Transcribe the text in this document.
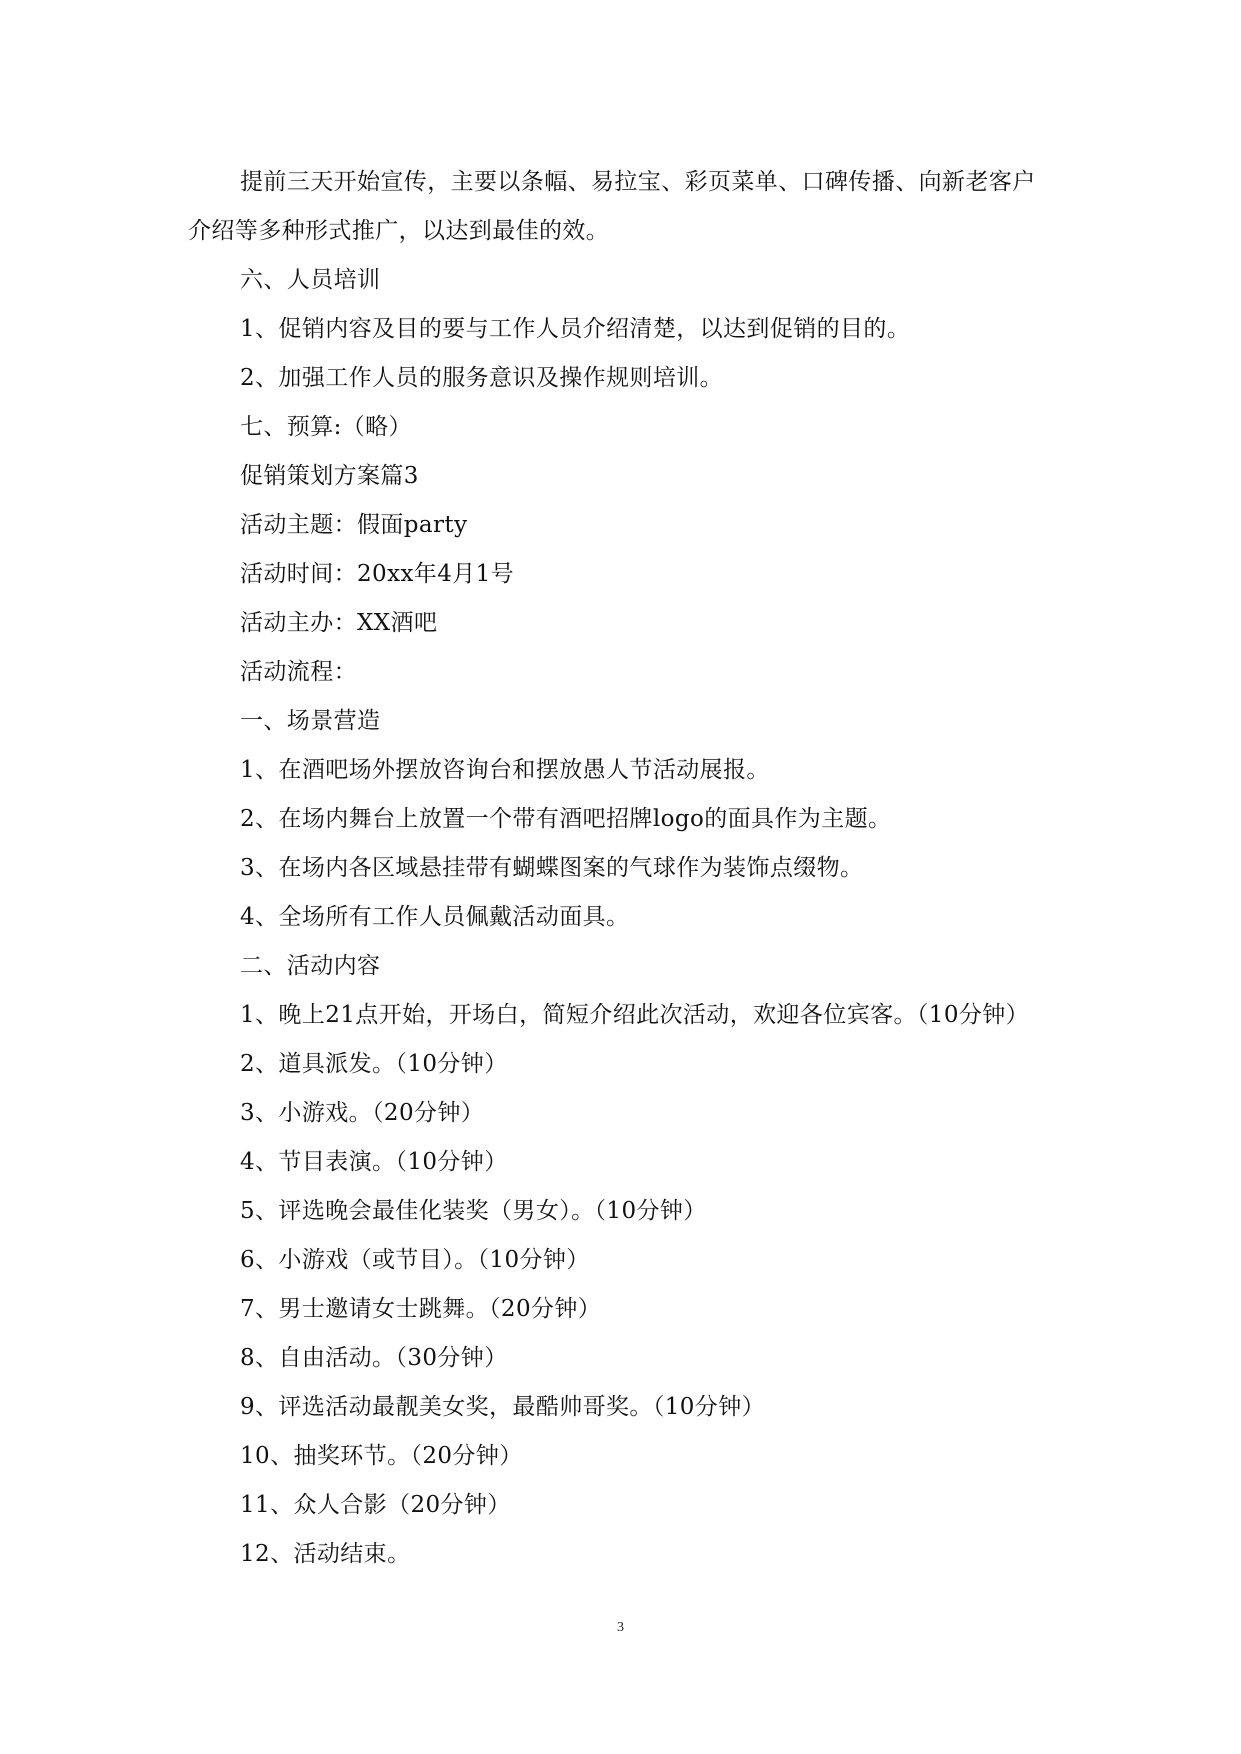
提前三天开始宣传，主要以条幅、易拉宝、彩页菜单、口碑传播、向新老客户介绍等多种形式推广，以达到最佳的效。

六、人员培训

1、促销内容及目的要与工作人员介绍清楚，以达到促销的目的。

2、加强工作人员的服务意识及操作规则培训。

七、预算:（略）

促销策划方案篇3

活动主题：假面party

活动时间：20xx年4月1号

活动主办：XX酒吧

活动流程：

一、场景营造

1、在酒吧场外摆放咨询台和摆放愚人节活动展报。

2、在场内舞台上放置一个带有酒吧招牌logo的面具作为主题。

3、在场内各区域悬挂带有蝴蝶图案的气球作为装饰点缀物。

4、全场所有工作人员佩戴活动面具。

二、活动内容

1、晚上21点开始，开场白，简短介绍此次活动，欢迎各位宾客。（10分钟）

2、道具派发。（10分钟）

3、小游戏。（20分钟）

4、节目表演。（10分钟）

5、评选晚会最佳化装奖（男女）。（10分钟）

6、小游戏（或节目）。（10分钟）

7、男士邀请女士跳舞。（20分钟）

8、自由活动。（30分钟）

9、评选活动最靓美女奖，最酷帅哥奖。（10分钟）

10、抽奖环节。（20分钟）

11、众人合影（20分钟）

12、活动结束。

3
